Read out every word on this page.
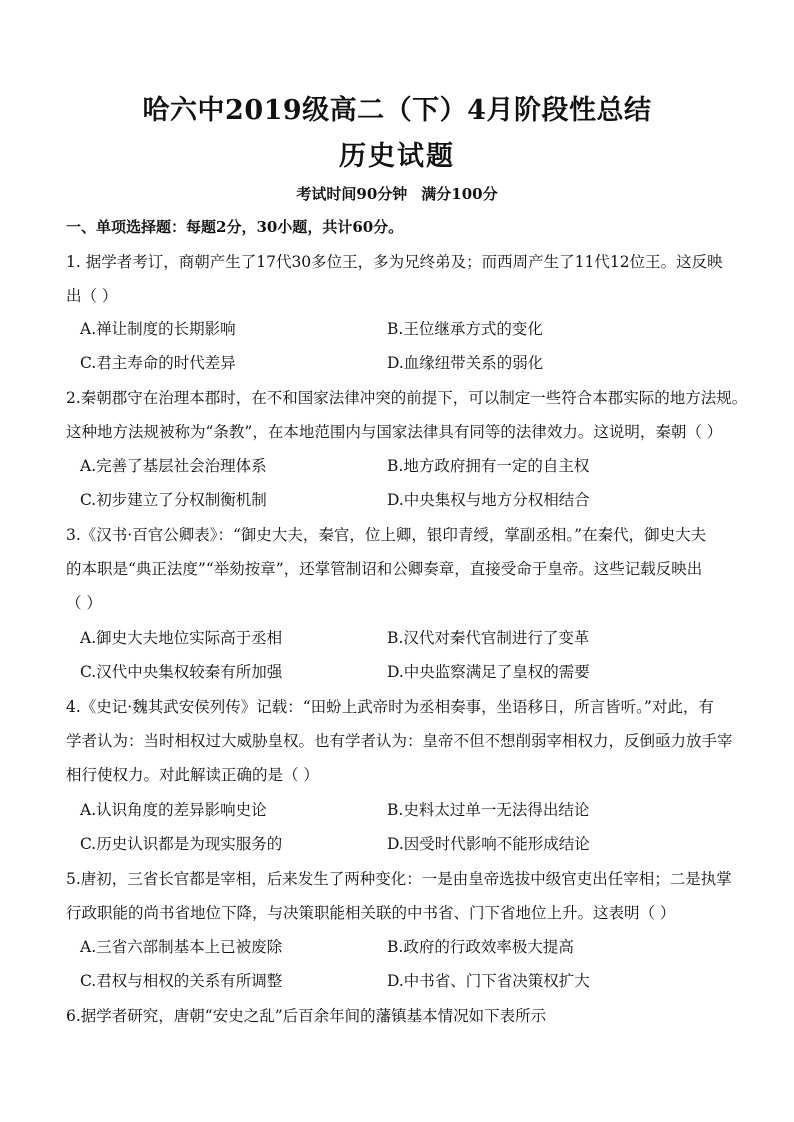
哈六中2019级高二（下）4月阶段性总结
历史试题
考试时间90分钟 满分100分
一、单项选择题：每题2分，30小题，共计60分。
1. 据学者考订，商朝产生了17代30多位王，多为兄终弟及；而西周产生了11代12位王。这反映
出（ ）
A.禅让制度的长期影响	B.王位继承方式的变化
C.君主寿命的时代差异	D.血缘纽带关系的弱化
2.秦朝郡守在治理本郡时，在不和国家法律冲突的前提下，可以制定一些符合本郡实际的地方法规。
这种地方法规被称为“条教”，在本地范围内与国家法律具有同等的法律效力。这说明，秦朝（ ）
A.完善了基层社会治理体系	B.地方政府拥有一定的自主权
C.初步建立了分权制衡机制	D.中央集权与地方分权相结合
3.《汉书·百官公卿表》：“御史大夫，秦官，位上卿，银印青绶，掌副丞相。”在秦代，御史大夫
的本职是“典正法度”“举劾按章”，还掌管制诏和公卿奏章，直接受命于皇帝。这些记载反映出
（ ）
A.御史大夫地位实际高于丞相	B.汉代对秦代官制进行了变革
C.汉代中央集权较秦有所加强	D.中央监察满足了皇权的需要
4.《史记·魏其武安侯列传》记载：“田蚡上武帝时为丞相奏事，坐语移日，所言皆听。”对此，有
学者认为：当时相权过大威胁皇权。也有学者认为：皇帝不但不想削弱宰相权力，反倒亟力放手宰
相行使权力。对此解读正确的是（ ）
A.认识角度的差异影响史论	B.史料太过单一无法得出结论
C.历史认识都是为现实服务的	D.因受时代影响不能形成结论
5.唐初，三省长官都是宰相，后来发生了两种变化：一是由皇帝选拔中级官吏出任宰相；二是执掌
行政职能的尚书省地位下降，与决策职能相关联的中书省、门下省地位上升。这表明（ ）
A.三省六部制基本上已被废除	B.政府的行政效率极大提高
C.君权与相权的关系有所调整	D.中书省、门下省决策权扩大
6.据学者研究，唐朝“安史之乱”后百余年间的藩镇基本情况如下表所示
